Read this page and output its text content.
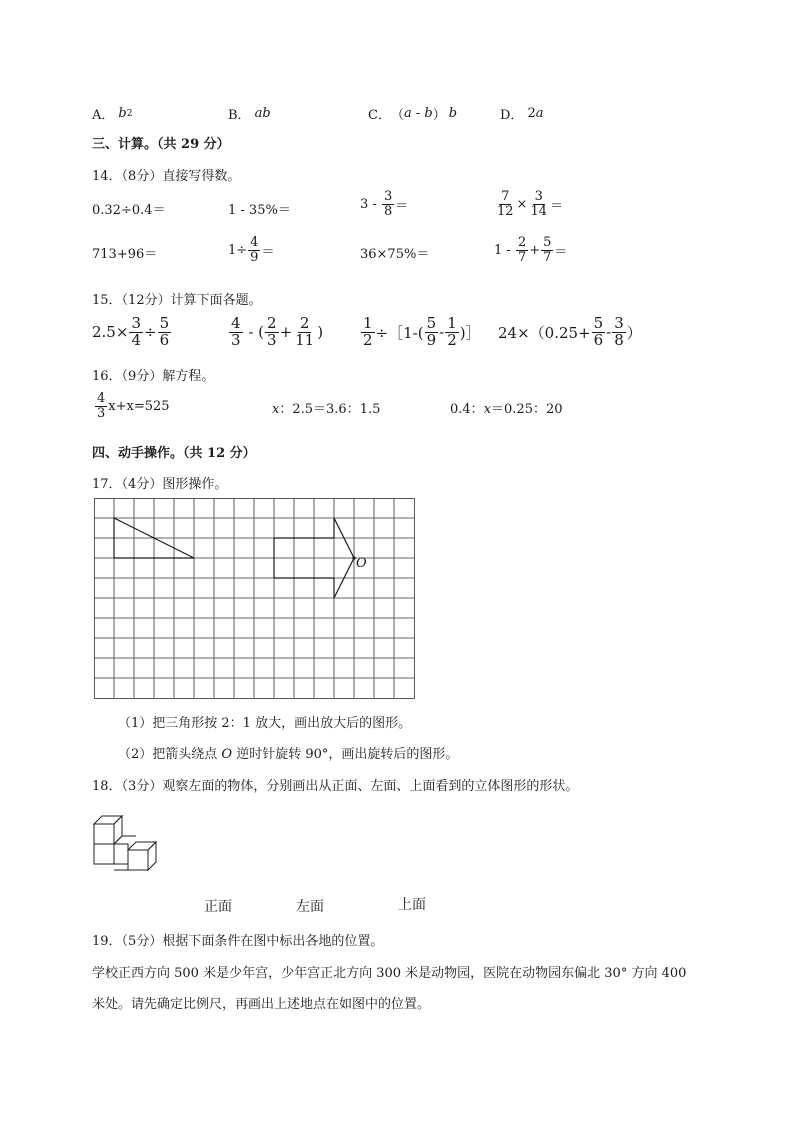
A． b 2	B． ab	C． （ a - b ） b	D． 2 a
三、计算。（共 29 分）
14．（8分）直接写得数。
0.32÷0.4＝	1 - 35%＝	$3 - \frac{3}{8}$ ＝	$\frac{7}{12} \times \frac{3}{14}$ ＝
713+96＝	$1\div \frac{4}{9}$ ＝	36×75%＝	$1 - \frac{2}{7} + \frac{5}{7}$ ＝
15．（12分）计算下面各题。
$2.5\times \frac{3}{4} \div \frac{5}{6}$	$\frac{4}{3}$ - ( $\frac{2}{3} + \frac{2}{11}$ )	$\frac{1}{2}$ ÷［1-( $\frac{5}{9} - \frac{1}{2}$ )］ $24\times(0.25+ \frac{5}{6} - \frac{3}{8}$ ）
16．（9分）解方程。
$\frac{4}{3} x+x=525$	x：2.5＝3.6：1.5	0.4：x＝0.25：20
四、动手操作。（共 12 分）
17．（4分）图形操作。
O
（1）把三角形按 2：1 放大，画出放大后的图形。
（2）把箭头绕点 O 逆时针旋转 90°，画出旋转后的图形。
18．（3分）观察左面的物体，分别画出从正面、左面、上面看到的立体图形的形状。
正面	左面	上面
19．（5分）根据下面条件在图中标出各地的位置。
学校正西方向 500 米是少年宫，少年宫正北方向 300 米是动物园，医院在动物园东偏北 30° 方向 400
米处。请先确定比例尺，再画出上述地点在如图中的位置。
